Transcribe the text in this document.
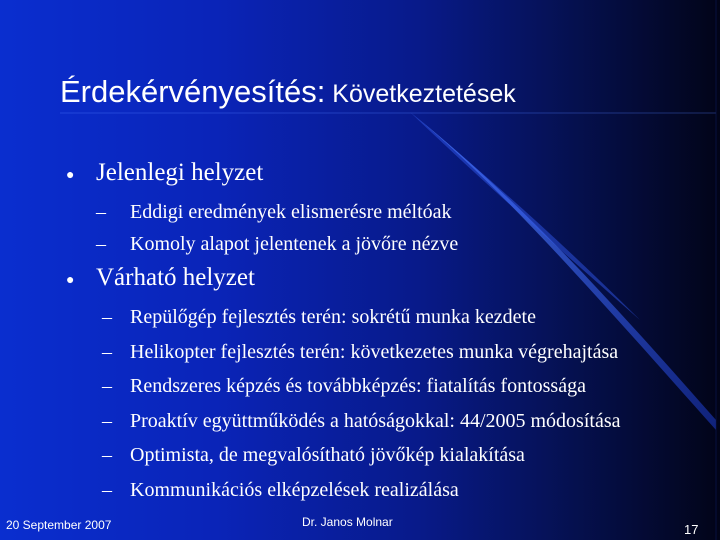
Érdekérvényesítés: Következtetések
● Jelenlegi helyzet
– Eddigi eredmények elismerésre méltóak
– Komoly alapot jelentenek a jövőre nézve
● Várható helyzet
– Repülőgép fejlesztés terén: sokrétű munka kezdete
– Helikopter fejlesztés terén: következetes munka végrehajtása
– Rendszeres képzés és továbbképzés: fiatalítás fontossága
– Proaktív együttműködés a hatóságokkal: 44/2005 módosítása
– Optimista, de megvalósítható jövőkép kialakítása
– Kommunikációs elképzelések realizálása
20 September 2007	Dr. Janos Molnar	17
